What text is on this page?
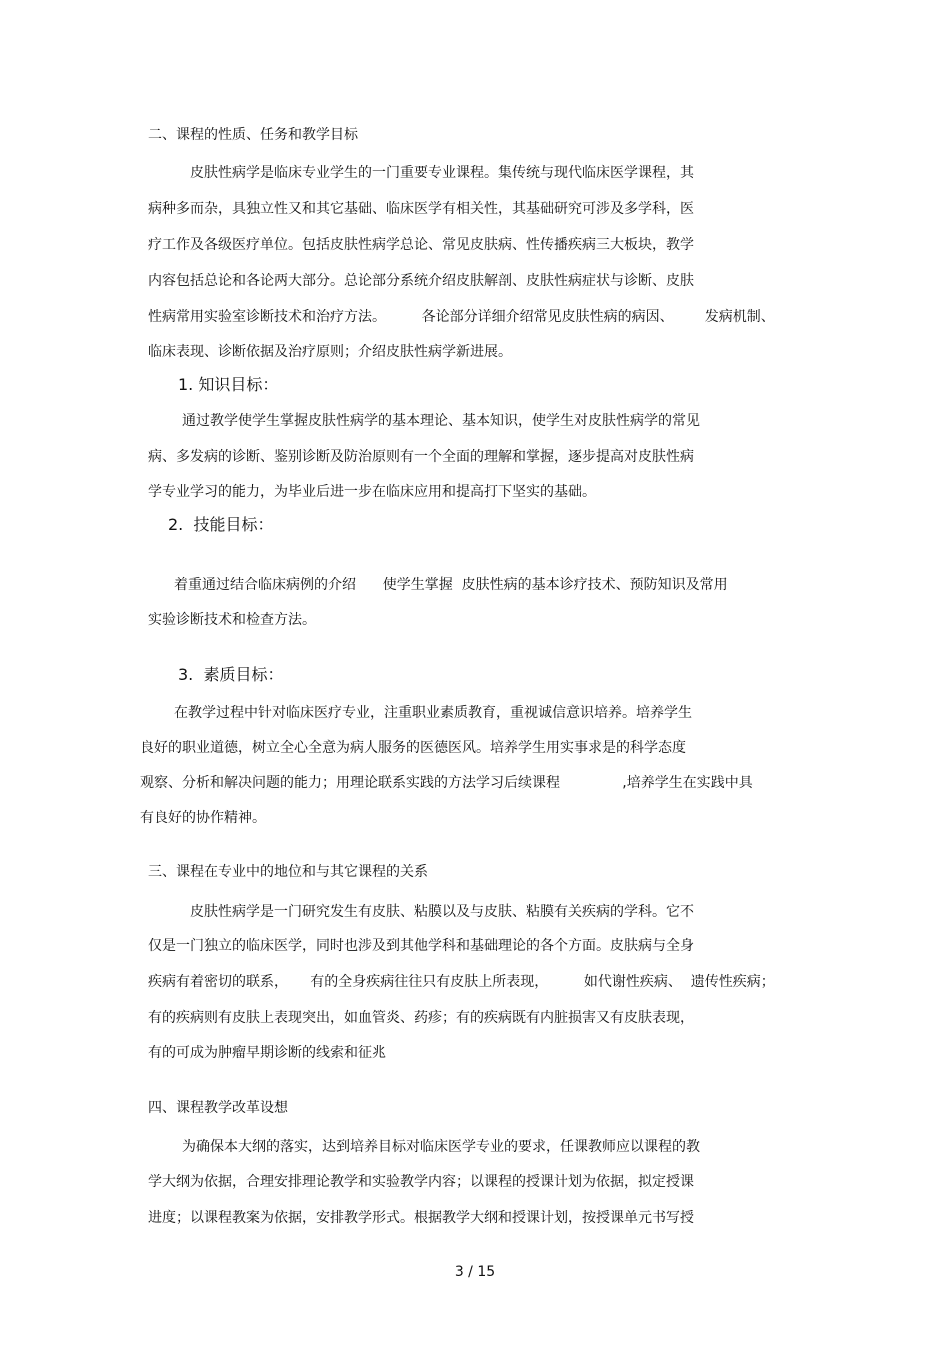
二、课程的性质、任务和教学目标
皮肤性病学是临床专业学生的一门重要专业课程。集传统与现代临床医学课程，其
病种多而杂，具独立性又和其它基础、临床医学有相关性，其基础研究可涉及多学科，医
疗工作及各级医疗单位。包括皮肤性病学总论、常见皮肤病、性传播疾病三大板块，教学
内容包括总论和各论两大部分。总论部分系统介绍皮肤解剖、皮肤性病症状与诊断、皮肤
性病常用实验室诊断技术和治疗方法。        各论部分详细介绍常见皮肤性病的病因、       发病机制、
临床表现、诊断依据及治疗原则；介绍皮肤性病学新进展。
1. 知识目标：
通过教学使学生掌握皮肤性病学的基本理论、基本知识，使学生对皮肤性病学的常见
病、多发病的诊断、鉴别诊断及防治原则有一个全面的理解和掌握，逐步提高对皮肤性病
学专业学习的能力，为毕业后进一步在临床应用和提高打下坚实的基础。
2.  技能目标：
着重通过结合临床病例的介绍      使学生掌握  皮肤性病的基本诊疗技术、预防知识及常用
实验诊断技术和检查方法。
3.  素质目标：
在教学过程中针对临床医疗专业，注重职业素质教育，重视诚信意识培养。培养学生
良好的职业道德，树立全心全意为病人服务的医德医风。培养学生用实事求是的科学态度
观察、分析和解决问题的能力；用理论联系实践的方法学习后续课程              ,培养学生在实践中具
有良好的协作精神。
三、课程在专业中的地位和与其它课程的关系
皮肤性病学是一门研究发生有皮肤、粘膜以及与皮肤、粘膜有关疾病的学科。它不
仅是一门独立的临床医学，同时也涉及到其他学科和基础理论的各个方面。皮肤病与全身
疾病有着密切的联系，     有的全身疾病往往只有皮肤上所表现，        如代谢性疾病、  遗传性疾病；
有的疾病则有皮肤上表现突出，如血管炎、药疹；有的疾病既有内脏损害又有皮肤表现，
有的可成为肿瘤早期诊断的线索和征兆
四、课程教学改革设想
为确保本大纲的落实，达到培养目标对临床医学专业的要求，任课教师应以课程的教
学大纲为依据，合理安排理论教学和实验教学内容；以课程的授课计划为依据，拟定授课
进度；以课程教案为依据，安排教学形式。根据教学大纲和授课计划，按授课单元书写授
3 / 15
